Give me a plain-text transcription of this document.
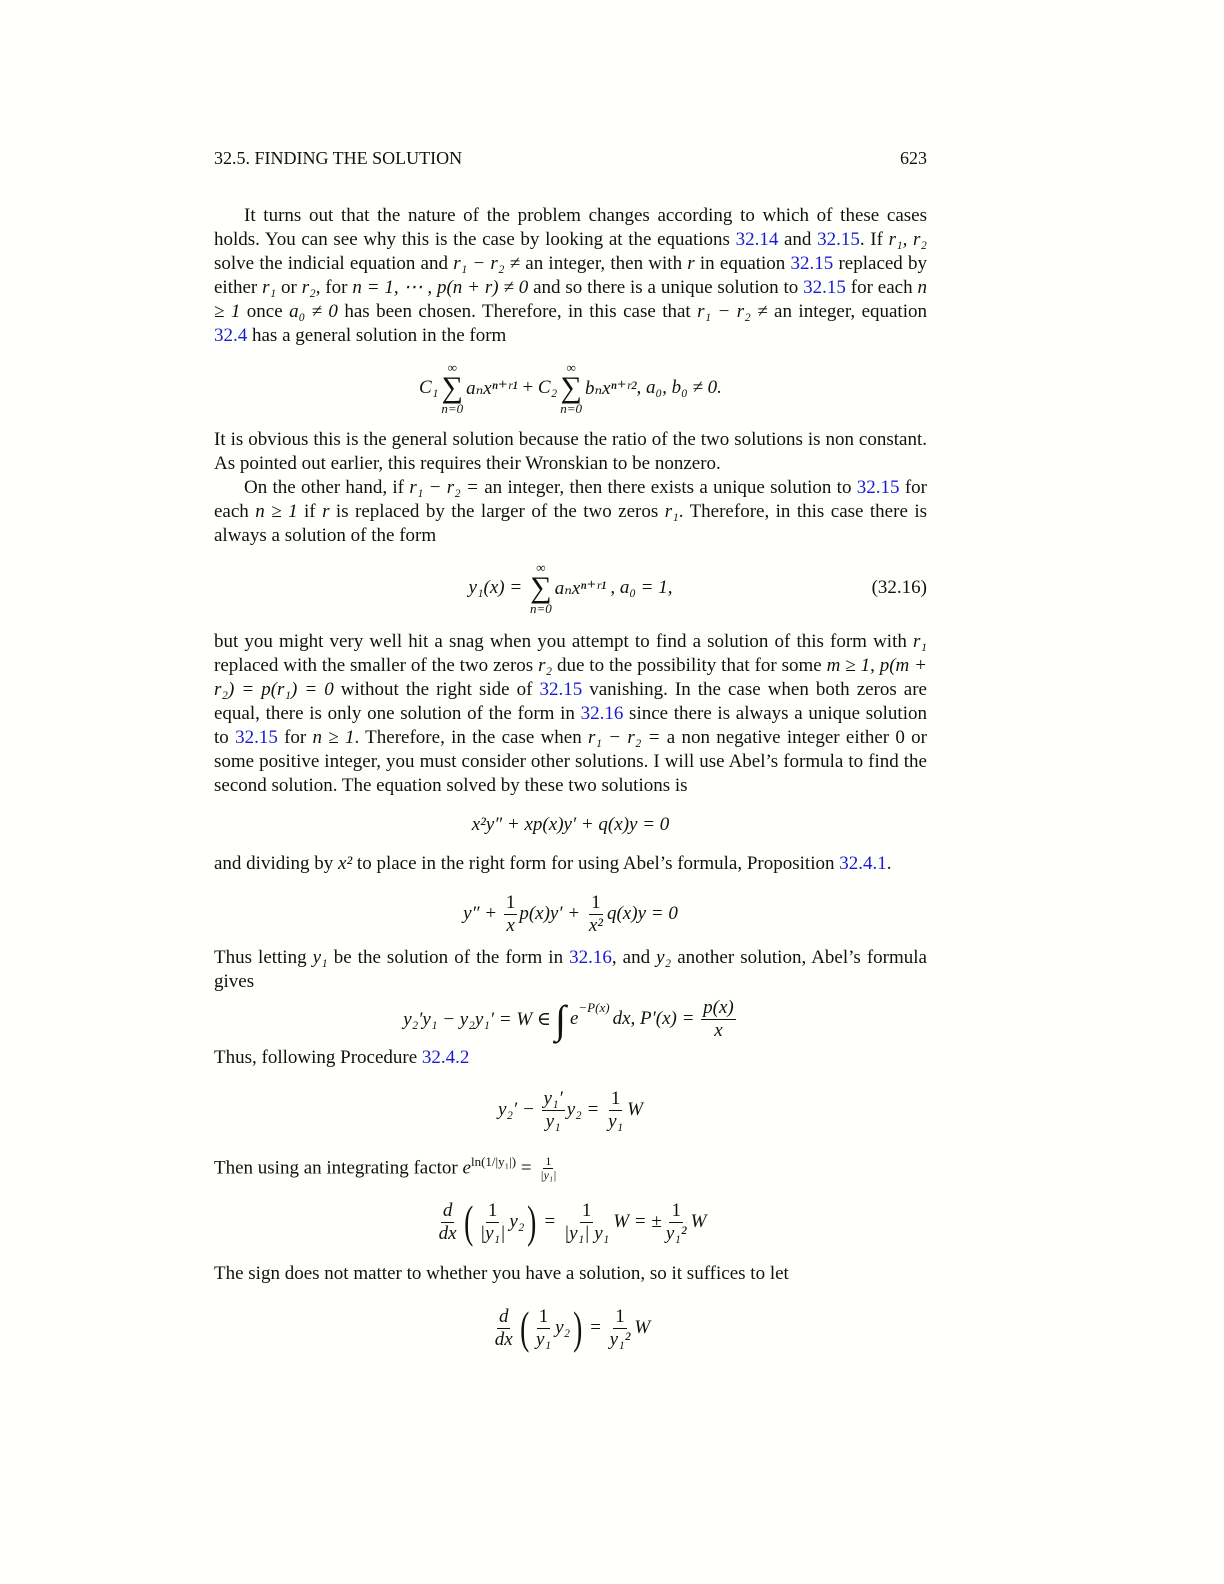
32.5. FINDING THE SOLUTION	623
It turns out that the nature of the problem changes according to which of these cases holds. You can see why this is the case by looking at the equations 32.14 and 32.15. If r₁, r₂ solve the indicial equation and r₁ − r₂ ≠ an integer, then with r in equation 32.15 replaced by either r₁ or r₂, for n = 1, ⋯ , p(n + r) ≠ 0 and so there is a unique solution to 32.15 for each n ≥ 1 once a₀ ≠ 0 has been chosen. Therefore, in this case that r₁ − r₂ ≠ an integer, equation 32.4 has a general solution in the form
C₁
∞
∑
n=0
aₙxⁿ⁺ʳ¹ + C₂
∞
∑
n=0
bₙxⁿ⁺ʳ² , a₀, b₀ ≠ 0.
It is obvious this is the general solution because the ratio of the two solutions is non constant. As pointed out earlier, this requires their Wronskian to be nonzero.
On the other hand, if r₁ − r₂ = an integer, then there exists a unique solution to 32.15 for each n ≥ 1 if r is replaced by the larger of the two zeros r₁. Therefore, in this case there is always a solution of the form
y₁(x) =
∞
∑
n=0
aₙxⁿ⁺ʳ¹ , a₀ = 1,	(32.16)
but you might very well hit a snag when you attempt to find a solution of this form with r₁ replaced with the smaller of the two zeros r₂ due to the possibility that for some m ≥ 1, p(m + r₂) = p(r₁) = 0 without the right side of 32.15 vanishing. In the case when both zeros are equal, there is only one solution of the form in 32.16 since there is always a unique solution to 32.15 for n ≥ 1. Therefore, in the case when r₁ − r₂ = a non negative integer either 0 or some positive integer, you must consider other solutions. I will use Abel’s formula to find the second solution. The equation solved by these two solutions is
x²y″ + xp(x)y′ + q(x)y = 0
and dividing by x² to place in the right form for using Abel’s formula, Proposition 32.4.1.
$y'' + \frac{1}{x} p(x)y' + \frac{1}{\text{x²}} q(x)y = 0$
Thus letting y₁ be the solution of the form in 32.16, and y₂ another solution, Abel’s formula gives
y₂′y₁ − y₂y₁′ = W ∈ ∫ e
$^{-P(x)}$
dx, $P'(x) = \frac{p(x)}{x}$
Thus, following Procedure 32.4.2
$y_2' - \frac{\text{y₁′}}{\text{y₁}} y_2 = \frac{1}{\text{y₁}}$ W
Then using an integrating factor $e^{ln(1/|y_1|)} = \frac{1}{\text{|y₁|}}$
$\frac{d}{dx}$ ( $\frac{1}{\text{|y₁|}} y_2$ ) = $\frac{1}{\text{|y₁| y₁}}$ W = ± $\frac{1}{\text{y₁²}}$ W
The sign does not matter to whether you have a solution, so it suffices to let
$\frac{d}{dx}$ ( $\frac{1}{\text{y₁}} y_2$ ) = $\frac{1}{\text{y₁²}}$ W
